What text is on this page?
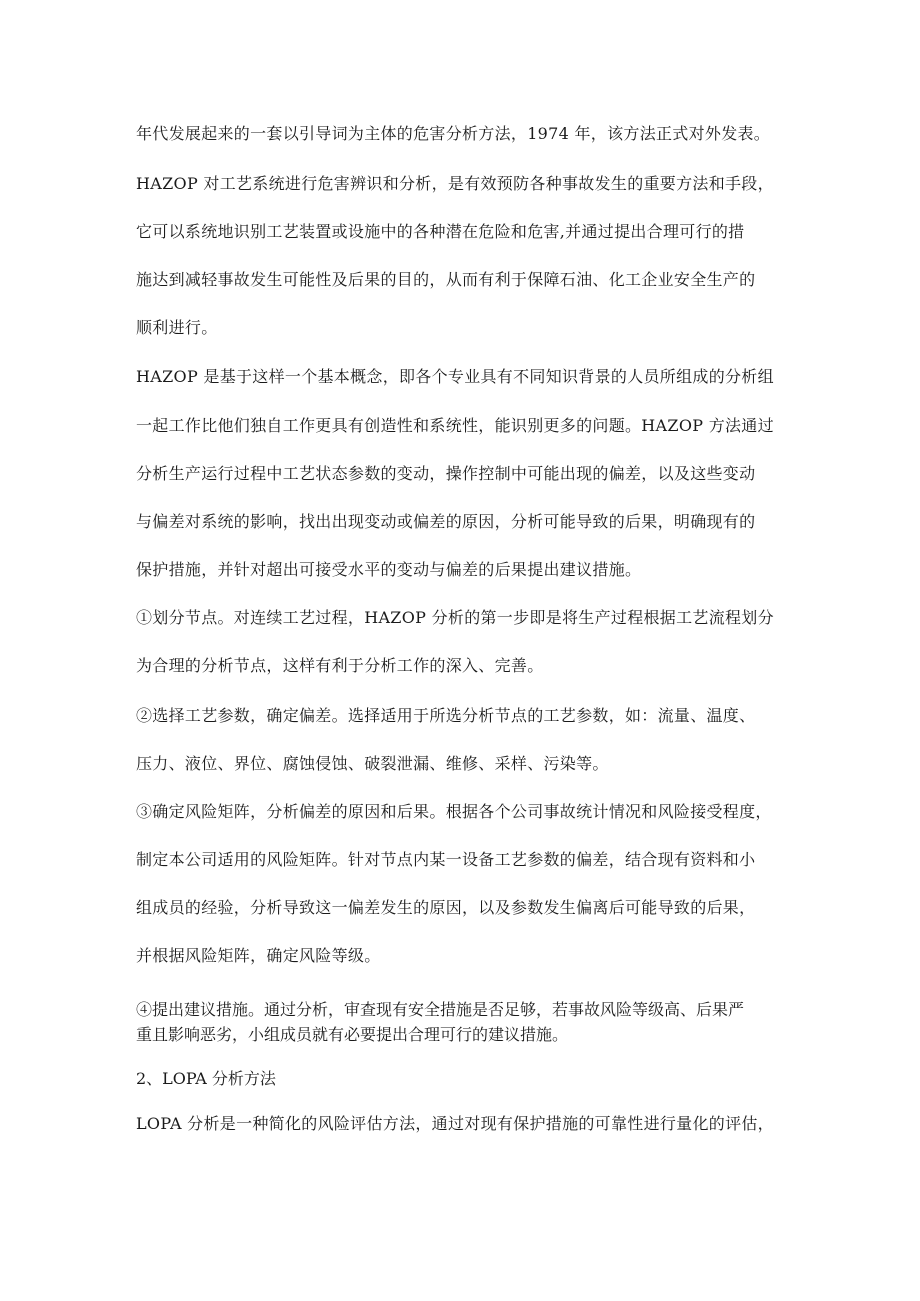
年代发展起来的一套以引导词为主体的危害分析方法，1974 年，该方法正式对外发表。
HAZOP 对工艺系统进行危害辨识和分析，是有效预防各种事故发生的重要方法和手段，
它可以系统地识别工艺装置或设施中的各种潜在危险和危害,并通过提出合理可行的措
施达到减轻事故发生可能性及后果的目的，从而有利于保障石油、化工企业安全生产的
顺利进行。
HAZOP 是基于这样一个基本概念，即各个专业具有不同知识背景的人员所组成的分析组
一起工作比他们独自工作更具有创造性和系统性，能识别更多的问题。HAZOP 方法通过
分析生产运行过程中工艺状态参数的变动，操作控制中可能出现的偏差，以及这些变动
与偏差对系统的影响，找出出现变动或偏差的原因，分析可能导致的后果，明确现有的
保护措施，并针对超出可接受水平的变动与偏差的后果提出建议措施。
①划分节点。对连续工艺过程，HAZOP 分析的第一步即是将生产过程根据工艺流程划分
为合理的分析节点，这样有利于分析工作的深入、完善。
②选择工艺参数，确定偏差。选择适用于所选分析节点的工艺参数，如：流量、温度、
压力、液位、界位、腐蚀侵蚀、破裂泄漏、维修、采样、污染等。
③确定风险矩阵，分析偏差的原因和后果。根据各个公司事故统计情况和风险接受程度，
制定本公司适用的风险矩阵。针对节点内某一设备工艺参数的偏差，结合现有资料和小
组成员的经验，分析导致这一偏差发生的原因，以及参数发生偏离后可能导致的后果，
并根据风险矩阵，确定风险等级。
④提出建议措施。通过分析，审查现有安全措施是否足够，若事故风险等级高、后果严
重且影响恶劣，小组成员就有必要提出合理可行的建议措施。
2、LOPA 分析方法
LOPA 分析是一种简化的风险评估方法，通过对现有保护措施的可靠性进行量化的评估，
